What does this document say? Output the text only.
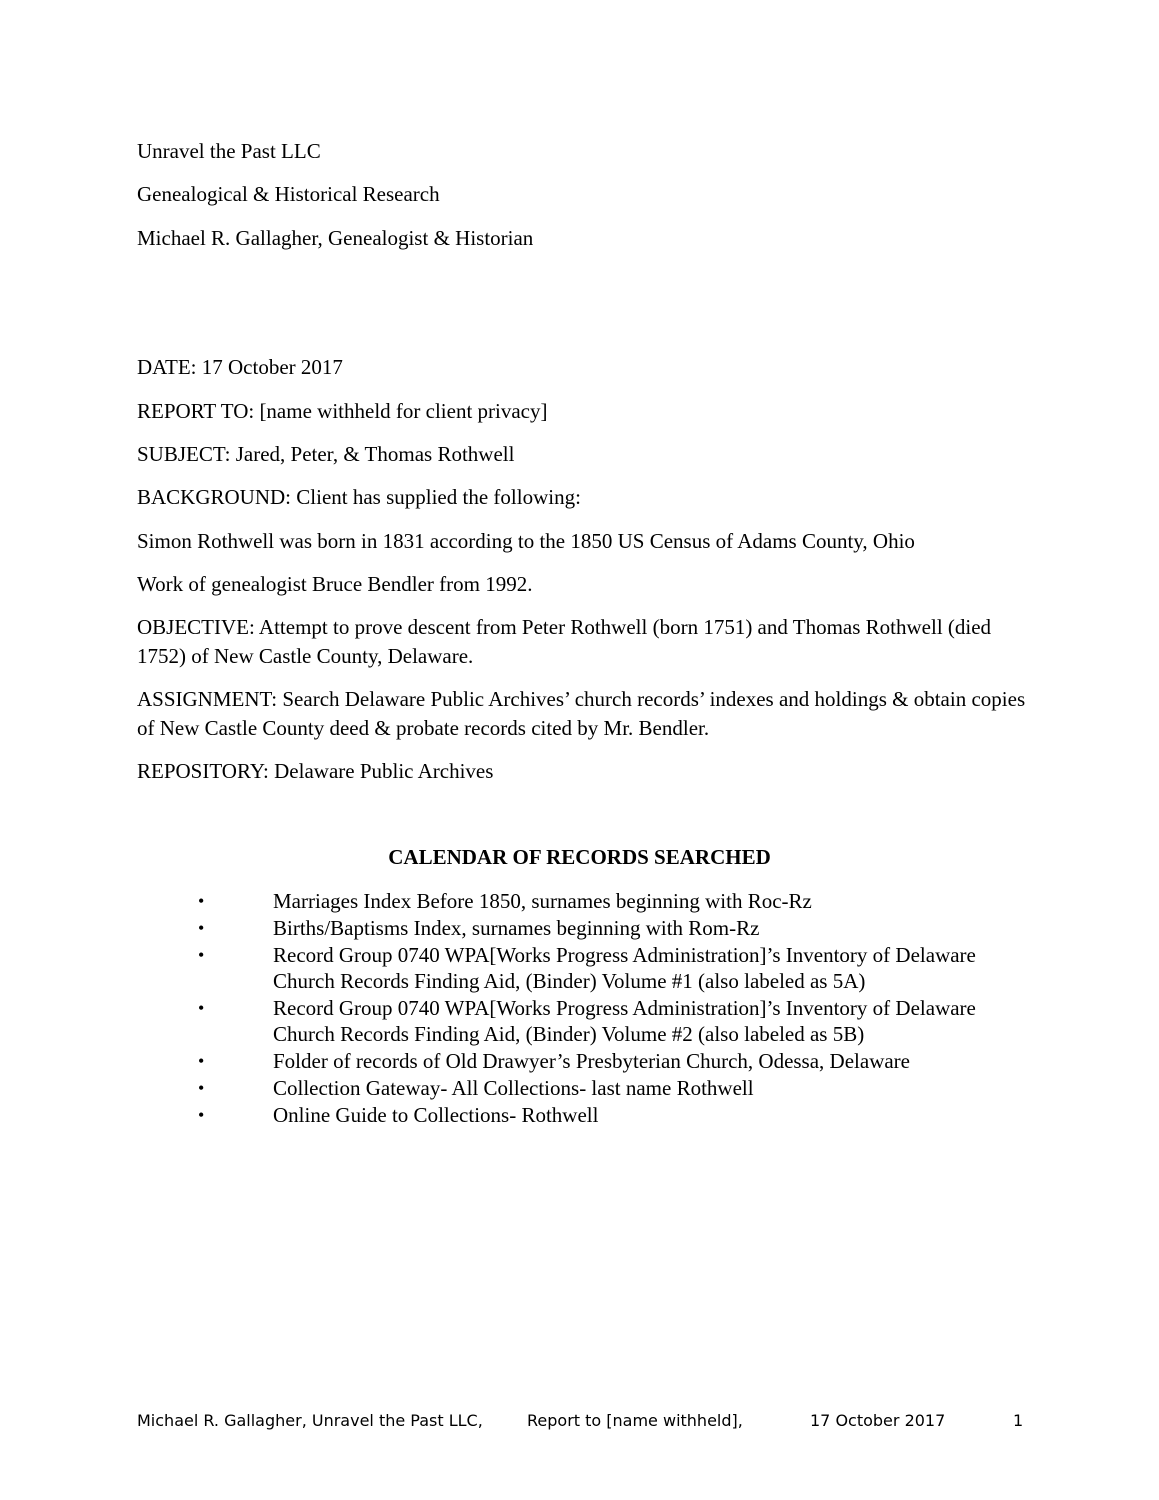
Unravel the Past LLC
Genealogical & Historical Research
Michael R. Gallagher, Genealogist & Historian
DATE: 17 October 2017
REPORT TO: [name withheld for client privacy]
SUBJECT: Jared, Peter, & Thomas Rothwell
BACKGROUND: Client has supplied the following:
Simon Rothwell was born in 1831 according to the 1850 US Census of Adams County, Ohio
Work of genealogist Bruce Bendler from 1992.
OBJECTIVE: Attempt to prove descent from Peter Rothwell (born 1751) and Thomas Rothwell (died 1752) of New Castle County, Delaware.
ASSIGNMENT: Search Delaware Public Archives’ church records’ indexes and holdings & obtain copies of New Castle County deed & probate records cited by Mr. Bendler.
REPOSITORY: Delaware Public Archives
CALENDAR OF RECORDS SEARCHED
•	Marriages Index Before 1850, surnames beginning with Roc-Rz
•	Births/Baptisms Index, surnames beginning with Rom-Rz
•	Record Group 0740 WPA[Works Progress Administration]’s Inventory of Delaware Church Records Finding Aid, (Binder) Volume #1 (also labeled as 5A)
•	Record Group 0740 WPA[Works Progress Administration]’s Inventory of Delaware Church Records Finding Aid, (Binder) Volume #2 (also labeled as 5B)
•	Folder of records of Old Drawyer’s Presbyterian Church, Odessa, Delaware
•	Collection Gateway- All Collections- last name Rothwell
•	Online Guide to Collections- Rothwell
Michael R. Gallagher, Unravel the Past LLC,	Report to [name withheld],	17 October 2017	1
